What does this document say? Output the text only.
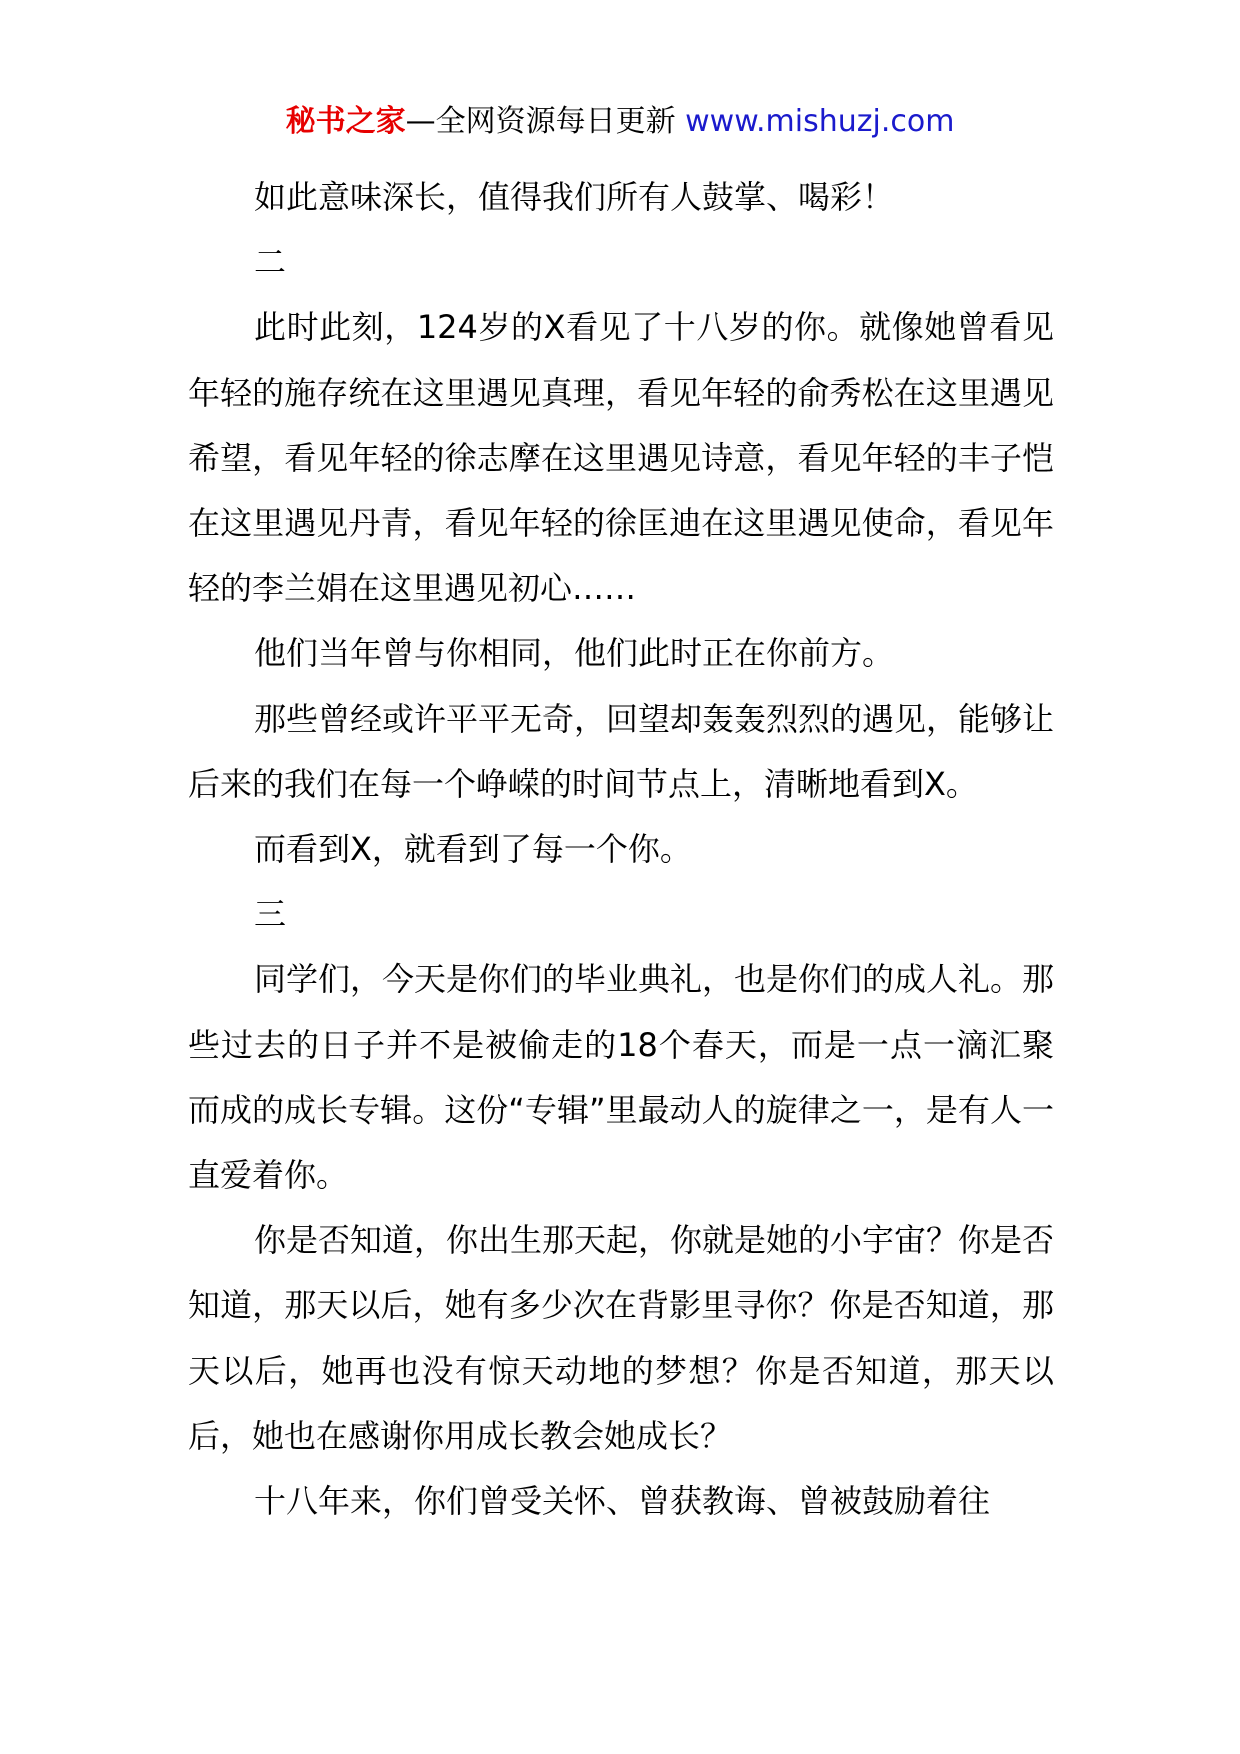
秘书之家—全网资源每日更新 www.mishuzj.com

如此意味深长，值得我们所有人鼓掌、喝彩！

二

此时此刻，124岁的X看见了十八岁的你。就像她曾看见年轻的施存统在这里遇见真理，看见年轻的俞秀松在这里遇见希望，看见年轻的徐志摩在这里遇见诗意，看见年轻的丰子恺在这里遇见丹青，看见年轻的徐匡迪在这里遇见使命，看见年轻的李兰娟在这里遇见初心……

他们当年曾与你相同，他们此时正在你前方。

那些曾经或许平平无奇，回望却轰轰烈烈的遇见，能够让后来的我们在每一个峥嵘的时间节点上，清晰地看到X。

而看到X，就看到了每一个你。

三

同学们，今天是你们的毕业典礼，也是你们的成人礼。那些过去的日子并不是被偷走的18个春天，而是一点一滴汇聚而成的成长专辑。这份“专辑”里最动人的旋律之一，是有人一直爱着你。

你是否知道，你出生那天起，你就是她的小宇宙？你是否知道，那天以后，她有多少次在背影里寻你？你是否知道，那天以后，她再也没有惊天动地的梦想？你是否知道，那天以后，她也在感谢你用成长教会她成长？

十八年来，你们曾受关怀、曾获教诲、曾被鼓励着往
